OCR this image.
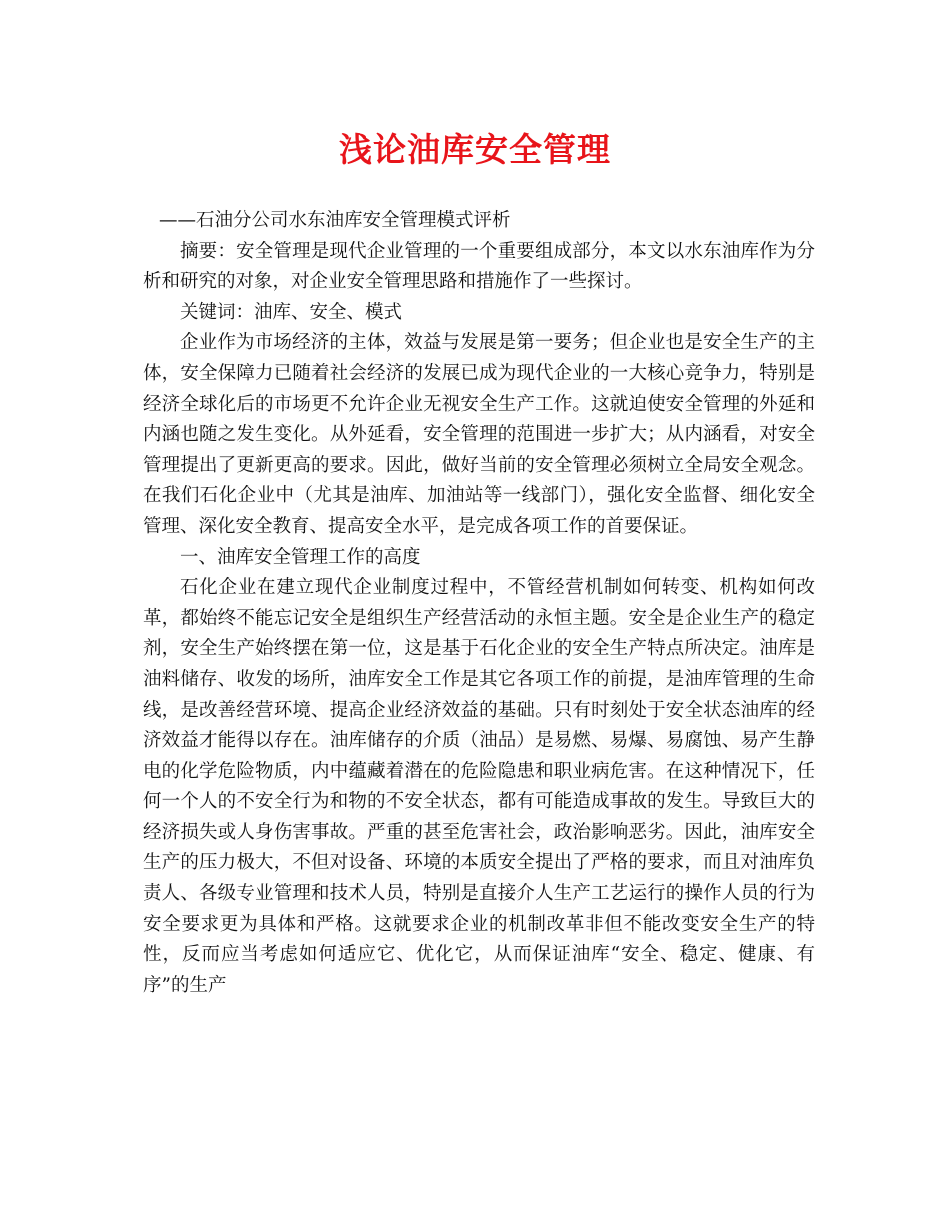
浅论油库安全管理

——石油分公司水东油库安全管理模式评析

摘要：安全管理是现代企业管理的一个重要组成部分，本文以水东油库作为分析和研究的对象，对企业安全管理思路和措施作了一些探讨。

关键词：油库、安全、模式

企业作为市场经济的主体，效益与发展是第一要务；但企业也是安全生产的主体，安全保障力已随着社会经济的发展已成为现代企业的一大核心竞争力，特别是经济全球化后的市场更不允许企业无视安全生产工作。这就迫使安全管理的外延和内涵也随之发生变化。从外延看，安全管理的范围进一步扩大；从内涵看，对安全管理提出了更新更高的要求。因此，做好当前的安全管理必须树立全局安全观念。在我们石化企业中（尤其是油库、加油站等一线部门），强化安全监督、细化安全管理、深化安全教育、提高安全水平，是完成各项工作的首要保证。

一、油库安全管理工作的高度

石化企业在建立现代企业制度过程中，不管经营机制如何转变、机构如何改革，都始终不能忘记安全是组织生产经营活动的永恒主题。安全是企业生产的稳定剂，安全生产始终摆在第一位，这是基于石化企业的安全生产特点所决定。油库是油料储存、收发的场所，油库安全工作是其它各项工作的前提，是油库管理的生命线，是改善经营环境、提高企业经济效益的基础。只有时刻处于安全状态油库的经济效益才能得以存在。油库储存的介质（油品）是易燃、易爆、易腐蚀、易产生静电的化学危险物质，内中蕴藏着潜在的危险隐患和职业病危害。在这种情况下，任何一个人的不安全行为和物的不安全状态，都有可能造成事故的发生。导致巨大的经济损失或人身伤害事故。严重的甚至危害社会，政治影响恶劣。因此，油库安全生产的压力极大，不但对设备、环境的本质安全提出了严格的要求，而且对油库负责人、各级专业管理和技术人员，特别是直接介人生产工艺运行的操作人员的行为安全要求更为具体和严格。这就要求企业的机制改革非但不能改变安全生产的特性，反而应当考虑如何适应它、优化它，从而保证油库“安全、稳定、健康、有序”的生产
